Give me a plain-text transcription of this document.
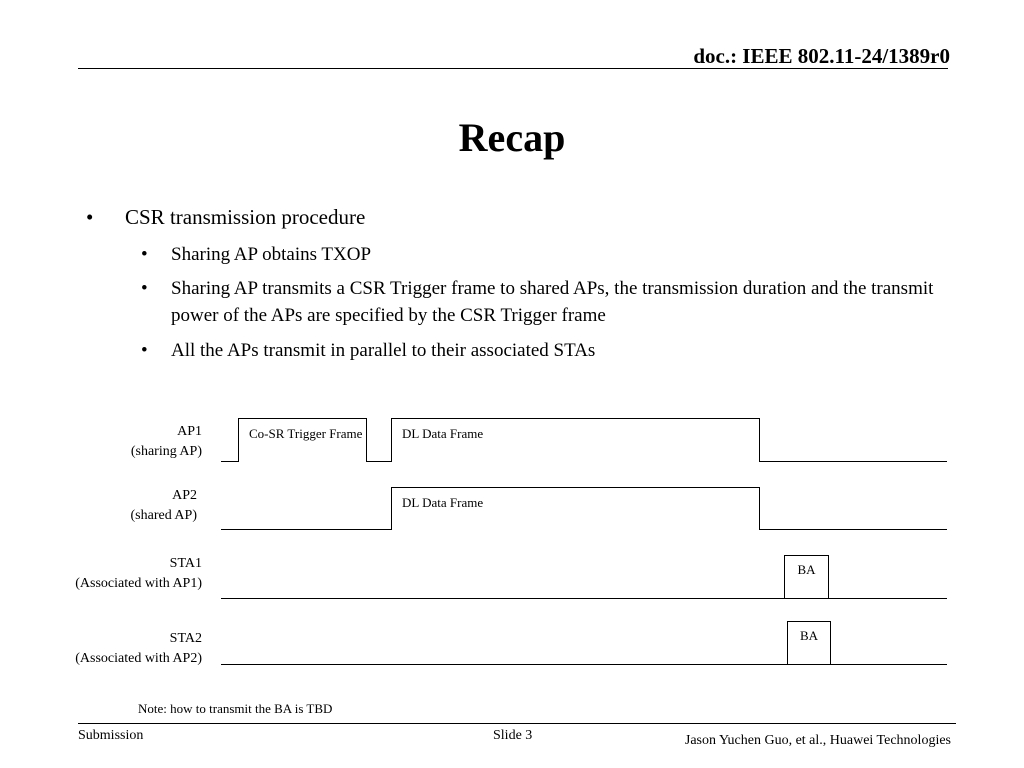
doc.: IEEE 802.11-24/1389r0
Recap
• CSR transmission procedure
• Sharing AP obtains TXOP
• Sharing AP transmits a CSR Trigger frame to shared APs, the transmission duration and the transmit power of the APs are specified by the CSR Trigger frame
• All the APs transmit in parallel to their associated STAs
AP1
(sharing AP)
AP2
(shared AP)
STA1
(Associated with AP1)
STA2
(Associated with AP2)
Co-SR Trigger Frame	DL Data Frame
DL Data Frame
BA
BA
Note: how to transmit the BA is TBD
Submission	Slide 3	Jason Yuchen Guo, et al., Huawei Technologies
